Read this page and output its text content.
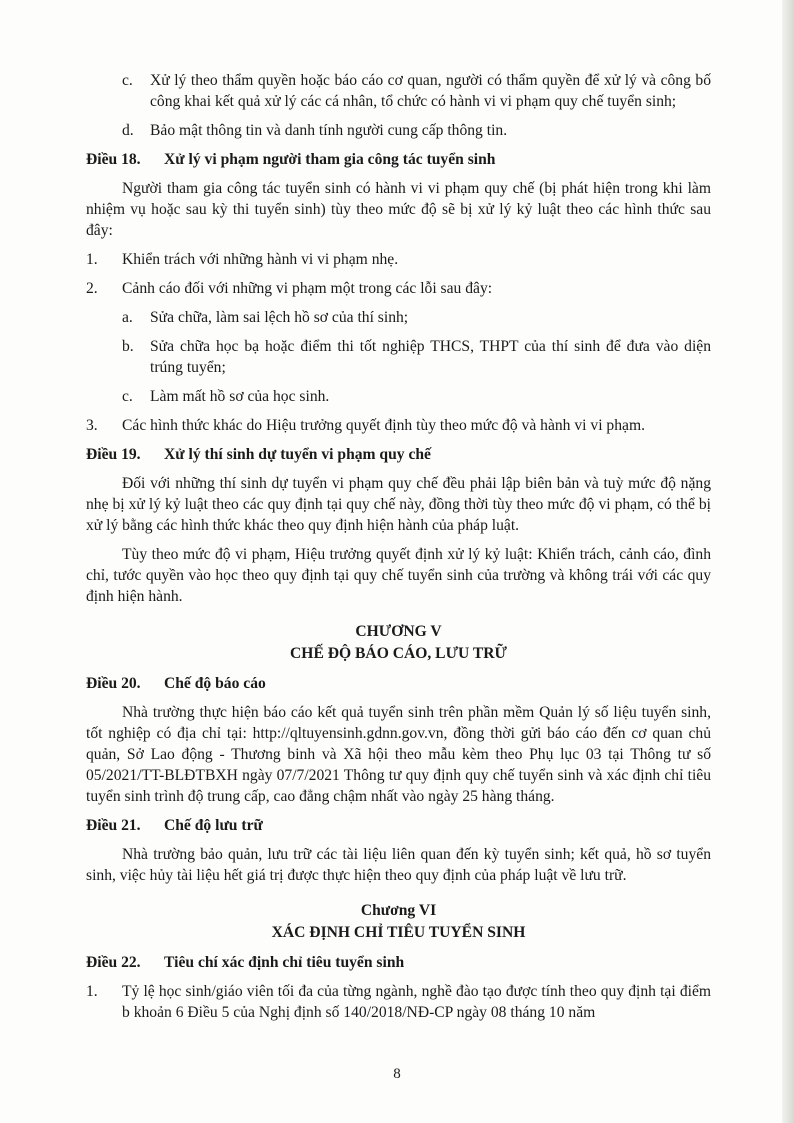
c. Xử lý theo thẩm quyền hoặc báo cáo cơ quan, người có thẩm quyền để xử lý và công bố công khai kết quả xử lý các cá nhân, tổ chức có hành vi vi phạm quy chế tuyển sinh;
d. Bảo mật thông tin và danh tính người cung cấp thông tin.
Điều 18. Xử lý vi phạm người tham gia công tác tuyển sinh

Người tham gia công tác tuyển sinh có hành vi vi phạm quy chế (bị phát hiện trong khi làm nhiệm vụ hoặc sau kỳ thi tuyển sinh) tùy theo mức độ sẽ bị xử lý kỷ luật theo các hình thức sau đây:

1. Khiển trách với những hành vi vi phạm nhẹ.
2. Cảnh cáo đối với những vi phạm một trong các lỗi sau đây:
a. Sửa chữa, làm sai lệch hồ sơ của thí sinh;
b. Sửa chữa học bạ hoặc điểm thi tốt nghiệp THCS, THPT của thí sinh để đưa vào diện trúng tuyển;
c. Làm mất hồ sơ của học sinh.
3. Các hình thức khác do Hiệu trưởng quyết định tùy theo mức độ và hành vi vi phạm.
Điều 19. Xử lý thí sinh dự tuyển vi phạm quy chế

Đối với những thí sinh dự tuyển vi phạm quy chế đều phải lập biên bản và tuỳ mức độ nặng nhẹ bị xử lý kỷ luật theo các quy định tại quy chế này, đồng thời tùy theo mức độ vi phạm, có thể bị xử lý bằng các hình thức khác theo quy định hiện hành của pháp luật.

Tùy theo mức độ vi phạm, Hiệu trưởng quyết định xử lý kỷ luật: Khiển trách, cảnh cáo, đình chỉ, tước quyền vào học theo quy định tại quy chế tuyển sinh của trường và không trái với các quy định hiện hành.

CHƯƠNG V
CHẾ ĐỘ BÁO CÁO, LƯU TRỮ
Điều 20. Chế độ báo cáo

Nhà trường thực hiện báo cáo kết quả tuyển sinh trên phần mềm Quản lý số liệu tuyển sinh, tốt nghiệp có địa chỉ tại: http://qltuyensinh.gdnn.gov.vn, đồng thời gửi báo cáo đến cơ quan chủ quản, Sở Lao động - Thương binh và Xã hội theo mẫu kèm theo Phụ lục 03 tại Thông tư số 05/2021/TT-BLĐTBXH ngày 07/7/2021 Thông tư quy định quy chế tuyển sinh và xác định chỉ tiêu tuyển sinh trình độ trung cấp, cao đẳng chậm nhất vào ngày 25 hàng tháng.

Điều 21. Chế độ lưu trữ

Nhà trường bảo quản, lưu trữ các tài liệu liên quan đến kỳ tuyển sinh; kết quả, hồ sơ tuyển sinh, việc hủy tài liệu hết giá trị được thực hiện theo quy định của pháp luật về lưu trữ.

Chương VI
XÁC ĐỊNH CHỈ TIÊU TUYỂN SINH
Điều 22. Tiêu chí xác định chỉ tiêu tuyển sinh
1. Tỷ lệ học sinh/giáo viên tối đa của từng ngành, nghề đào tạo được tính theo quy định tại điểm b khoản 6 Điều 5 của Nghị định số 140/2018/NĐ-CP ngày 08 tháng 10 năm
8
